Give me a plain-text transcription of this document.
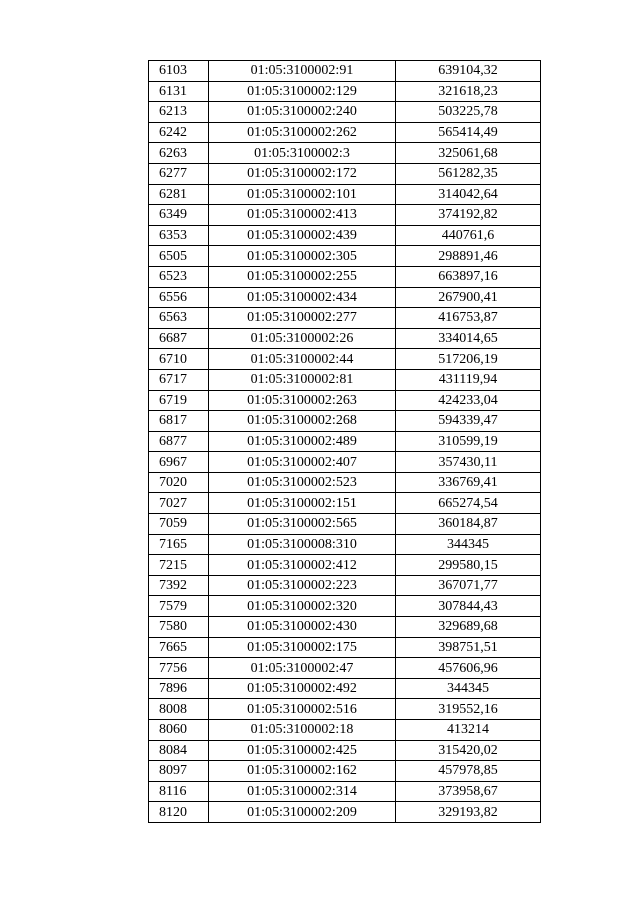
6103	01:05:3100002:91	639104,32
6131	01:05:3100002:129	321618,23
6213	01:05:3100002:240	503225,78
6242	01:05:3100002:262	565414,49
6263	01:05:3100002:3	325061,68
6277	01:05:3100002:172	561282,35
6281	01:05:3100002:101	314042,64
6349	01:05:3100002:413	374192,82
6353	01:05:3100002:439	440761,6
6505	01:05:3100002:305	298891,46
6523	01:05:3100002:255	663897,16
6556	01:05:3100002:434	267900,41
6563	01:05:3100002:277	416753,87
6687	01:05:3100002:26	334014,65
6710	01:05:3100002:44	517206,19
6717	01:05:3100002:81	431119,94
6719	01:05:3100002:263	424233,04
6817	01:05:3100002:268	594339,47
6877	01:05:3100002:489	310599,19
6967	01:05:3100002:407	357430,11
7020	01:05:3100002:523	336769,41
7027	01:05:3100002:151	665274,54
7059	01:05:3100002:565	360184,87
7165	01:05:3100008:310	344345
7215	01:05:3100002:412	299580,15
7392	01:05:3100002:223	367071,77
7579	01:05:3100002:320	307844,43
7580	01:05:3100002:430	329689,68
7665	01:05:3100002:175	398751,51
7756	01:05:3100002:47	457606,96
7896	01:05:3100002:492	344345
8008	01:05:3100002:516	319552,16
8060	01:05:3100002:18	413214
8084	01:05:3100002:425	315420,02
8097	01:05:3100002:162	457978,85
8116	01:05:3100002:314	373958,67
8120	01:05:3100002:209	329193,82
